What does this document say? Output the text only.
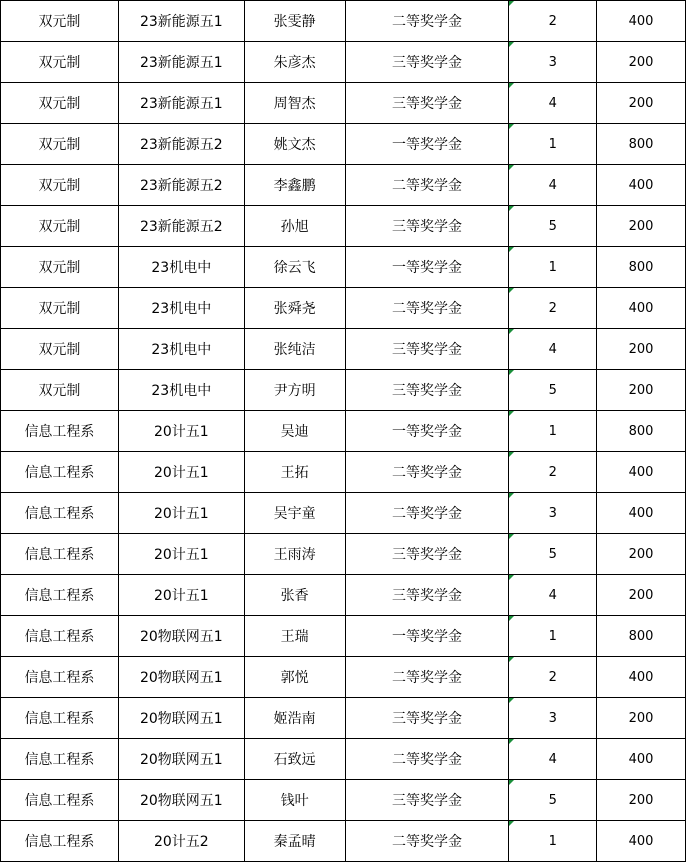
双元制	23新能源五1	张雯静	二等奖学金	2	400
双元制	23新能源五1	朱彦杰	三等奖学金	3	200
双元制	23新能源五1	周智杰	三等奖学金	4	200
双元制	23新能源五2	姚文杰	一等奖学金	1	800
双元制	23新能源五2	李鑫鹏	二等奖学金	4	400
双元制	23新能源五2	孙旭	三等奖学金	5	200
双元制	23机电中	徐云飞	一等奖学金	1	800
双元制	23机电中	张舜尧	二等奖学金	2	400
双元制	23机电中	张纯洁	三等奖学金	4	200
双元制	23机电中	尹方明	三等奖学金	5	200
信息工程系	20计五1	吴迪	一等奖学金	1	800
信息工程系	20计五1	王拓	二等奖学金	2	400
信息工程系	20计五1	吴宇童	二等奖学金	3	400
信息工程系	20计五1	王雨涛	三等奖学金	5	200
信息工程系	20计五1	张香	三等奖学金	4	200
信息工程系	20物联网五1	王瑞	一等奖学金	1	800
信息工程系	20物联网五1	郭悦	二等奖学金	2	400
信息工程系	20物联网五1	姬浩南	三等奖学金	3	200
信息工程系	20物联网五1	石致远	二等奖学金	4	400
信息工程系	20物联网五1	钱叶	三等奖学金	5	200
信息工程系	20计五2	秦孟晴	二等奖学金	1	400
